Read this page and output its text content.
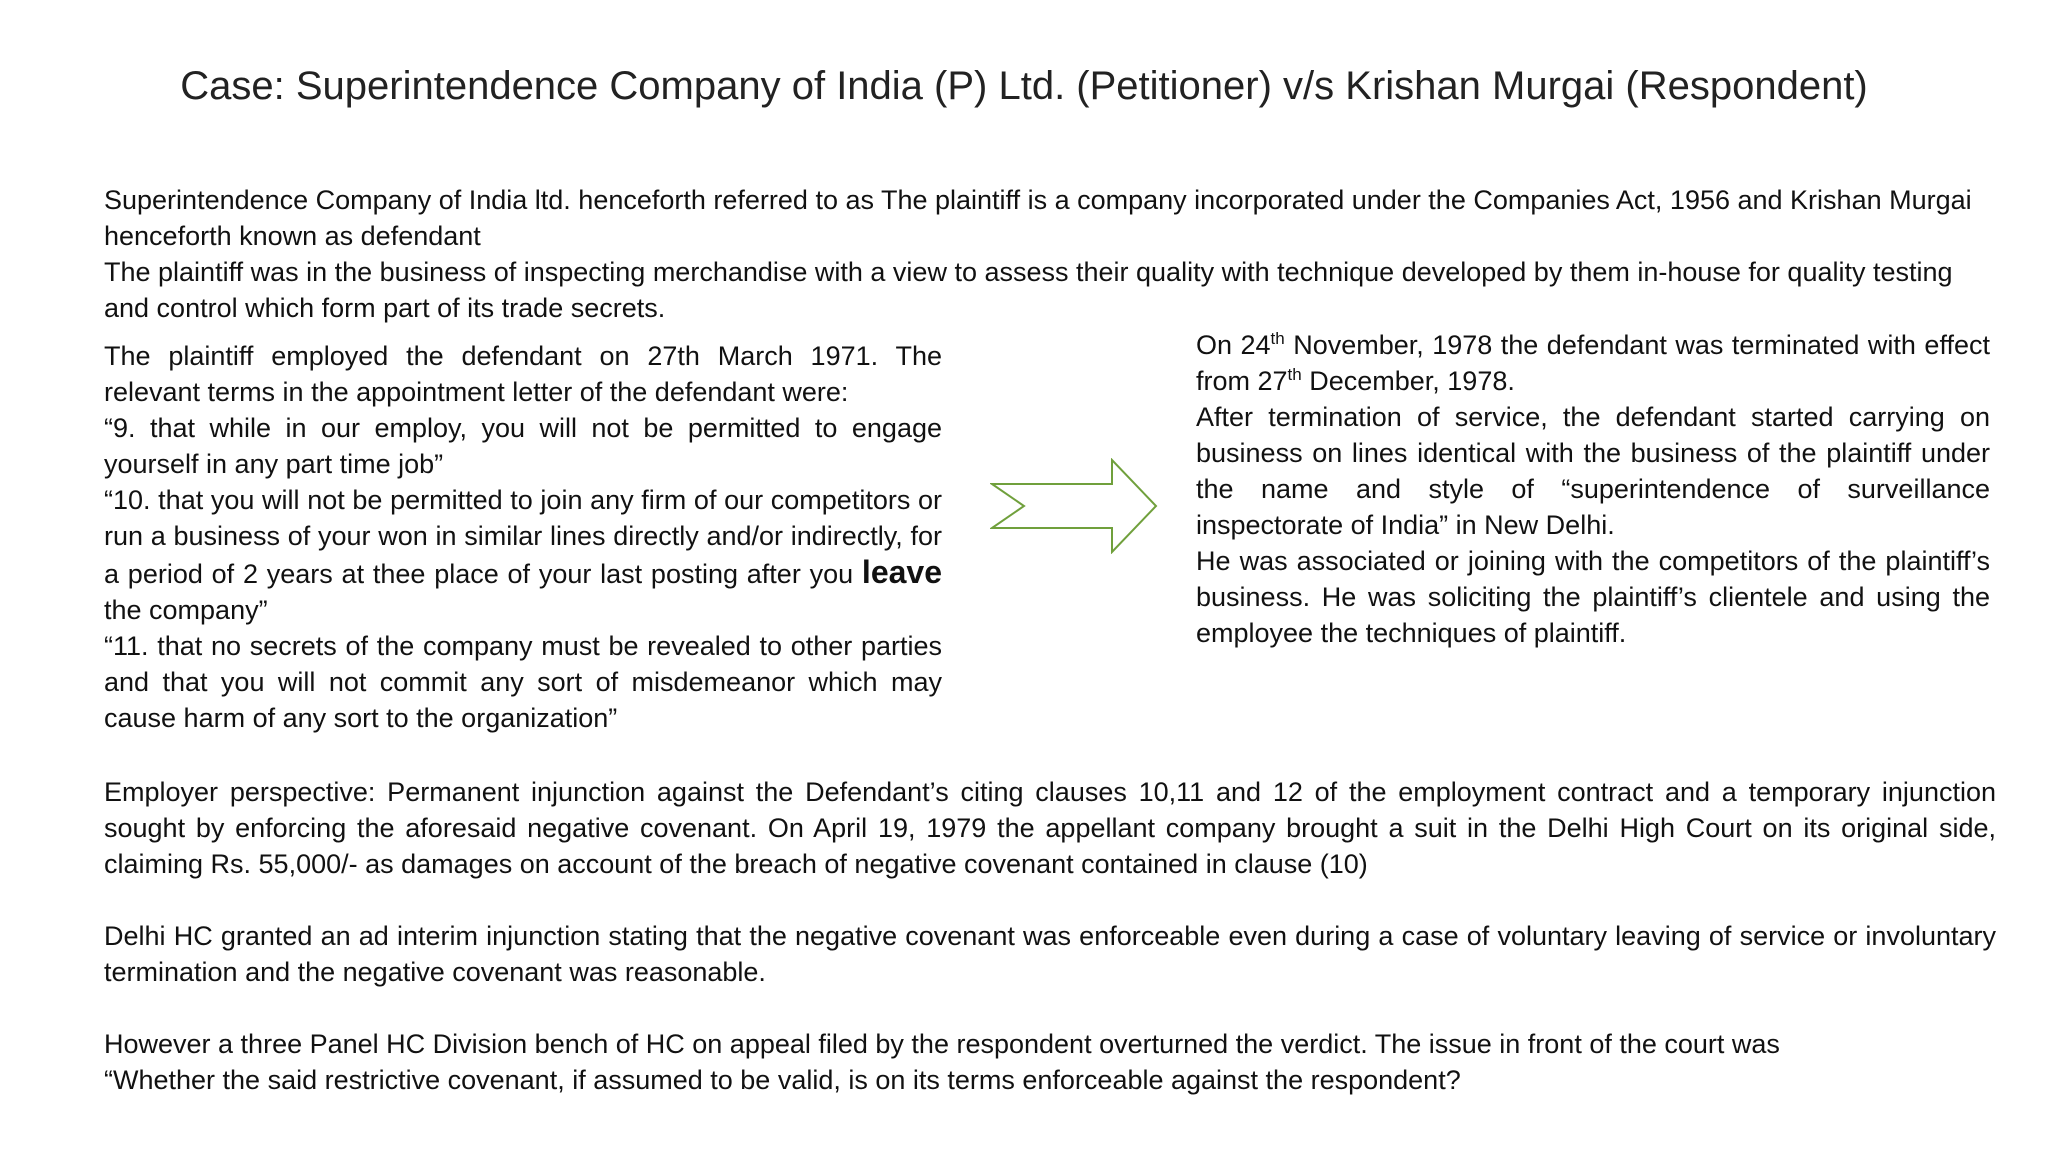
Case: Superintendence Company of India (P) Ltd. (Petitioner) v/s Krishan Murgai (Respondent)

Superintendence Company of India ltd. henceforth referred to as The plaintiff is a company incorporated under the Companies Act, 1956 and Krishan Murgai henceforth known as defendant

The plaintiff was in the business of inspecting merchandise with a view to assess their quality with technique developed by them in-house for quality testing and control which form part of its trade secrets.

The plaintiff employed the defendant on 27th March 1971. The relevant terms in the appointment letter of the defendant were:

“9. that while in our employ, you will not be permitted to engage yourself in any part time job”

“10. that you will not be permitted to join any firm of our competitors or run a business of your won in similar lines directly and/or indirectly, for a period of 2 years at thee place of your last posting after you leave the company”

“11. that no secrets of the company must be revealed to other parties and that you will not commit any sort of misdemeanor which may cause harm of any sort to the organization”

On 24th November, 1978 the defendant was terminated with effect from 27th December, 1978.

After termination of service, the defendant started carrying on business on lines identical with the business of the plaintiff under the name and style of “superintendence of surveillance inspectorate of India” in New Delhi.

He was associated or joining with the competitors of the plaintiff’s business. He was soliciting the plaintiff’s clientele and using the employee the techniques of plaintiff.

Employer perspective: Permanent injunction against the Defendant’s citing clauses 10,11 and 12 of the employment contract and a temporary injunction sought by enforcing the aforesaid negative covenant. On April 19, 1979 the appellant company brought a suit in the Delhi High Court on its original side, claiming Rs. 55,000/- as damages on account of the breach of negative covenant contained in clause (10)
Delhi HC granted an ad interim injunction stating that the negative covenant was enforceable even during a case of voluntary leaving of service or involuntary termination and the negative covenant was reasonable.

However a three Panel HC Division bench of HC on appeal filed by the respondent overturned the verdict. The issue in front of the court was

“Whether the said restrictive covenant, if assumed to be valid, is on its terms enforceable against the respondent?
